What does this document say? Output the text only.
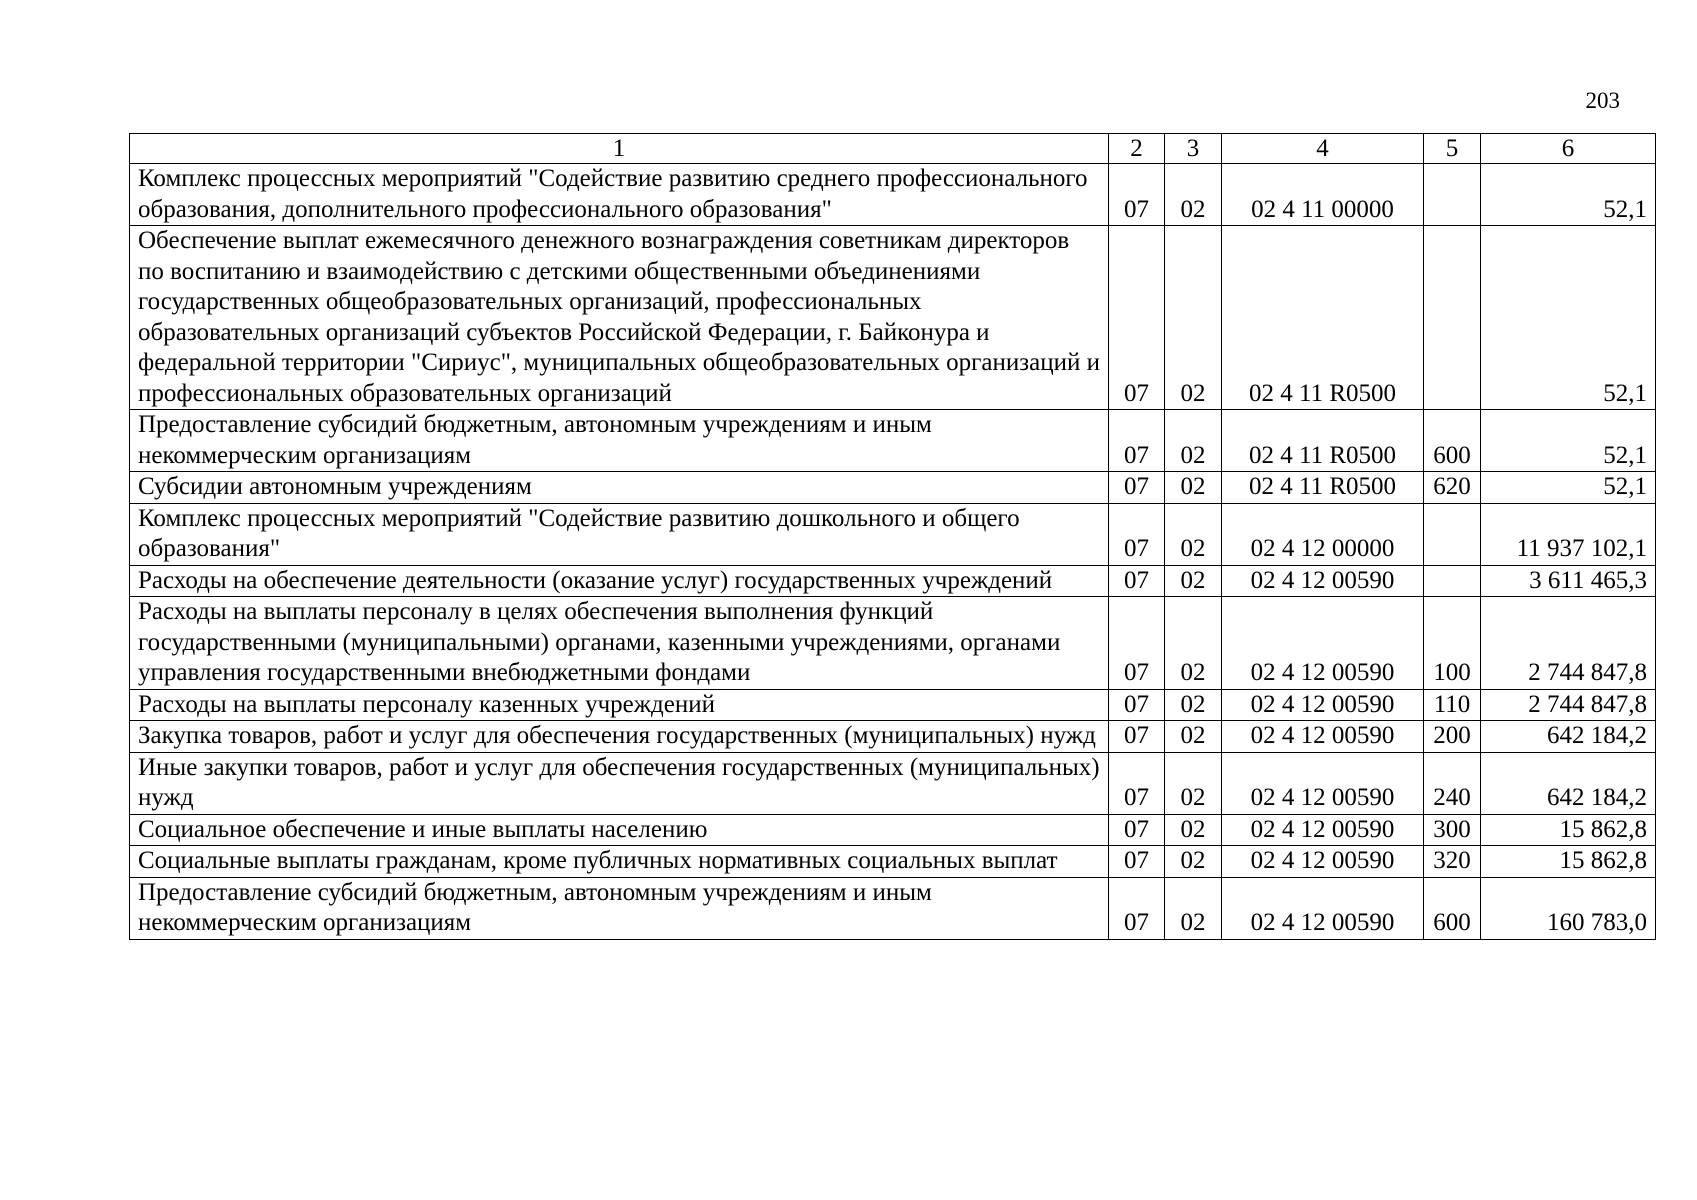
203
1	2	3	4	5	6
Комплекс процессных мероприятий "Содействие развитию среднего профессионального образования, дополнительного профессионального образования"	07	02	02 4 11 00000		52,1
Обеспечение выплат ежемесячного денежного вознаграждения советникам директоров по воспитанию и взаимодействию с детскими общественными объединениями государственных общеобразовательных организаций, профессиональных образовательных организаций субъектов Российской Федерации, г. Байконура и федеральной территории "Сириус", муниципальных общеобразовательных организаций и профессиональных образовательных организаций	07	02	02 4 11 R0500		52,1
Предоставление субсидий бюджетным, автономным учреждениям и иным некоммерческим организациям	07	02	02 4 11 R0500	600	52,1
Субсидии автономным учреждениям	07	02	02 4 11 R0500	620	52,1
Комплекс процессных мероприятий "Содействие развитию дошкольного и общего образования"	07	02	02 4 12 00000		11 937 102,1
Расходы на обеспечение деятельности (оказание услуг) государственных учреждений	07	02	02 4 12 00590		3 611 465,3
Расходы на выплаты персоналу в целях обеспечения выполнения функций государственными (муниципальными) органами, казенными учреждениями, органами управления государственными внебюджетными фондами	07	02	02 4 12 00590	100	2 744 847,8
Расходы на выплаты персоналу казенных учреждений	07	02	02 4 12 00590	110	2 744 847,8
Закупка товаров, работ и услуг для обеспечения государственных (муниципальных) нужд	07	02	02 4 12 00590	200	642 184,2
Иные закупки товаров, работ и услуг для обеспечения государственных (муниципальных) нужд	07	02	02 4 12 00590	240	642 184,2
Социальное обеспечение и иные выплаты населению	07	02	02 4 12 00590	300	15 862,8
Социальные выплаты гражданам, кроме публичных нормативных социальных выплат	07	02	02 4 12 00590	320	15 862,8
Предоставление субсидий бюджетным, автономным учреждениям и иным некоммерческим организациям	07	02	02 4 12 00590	600	160 783,0
